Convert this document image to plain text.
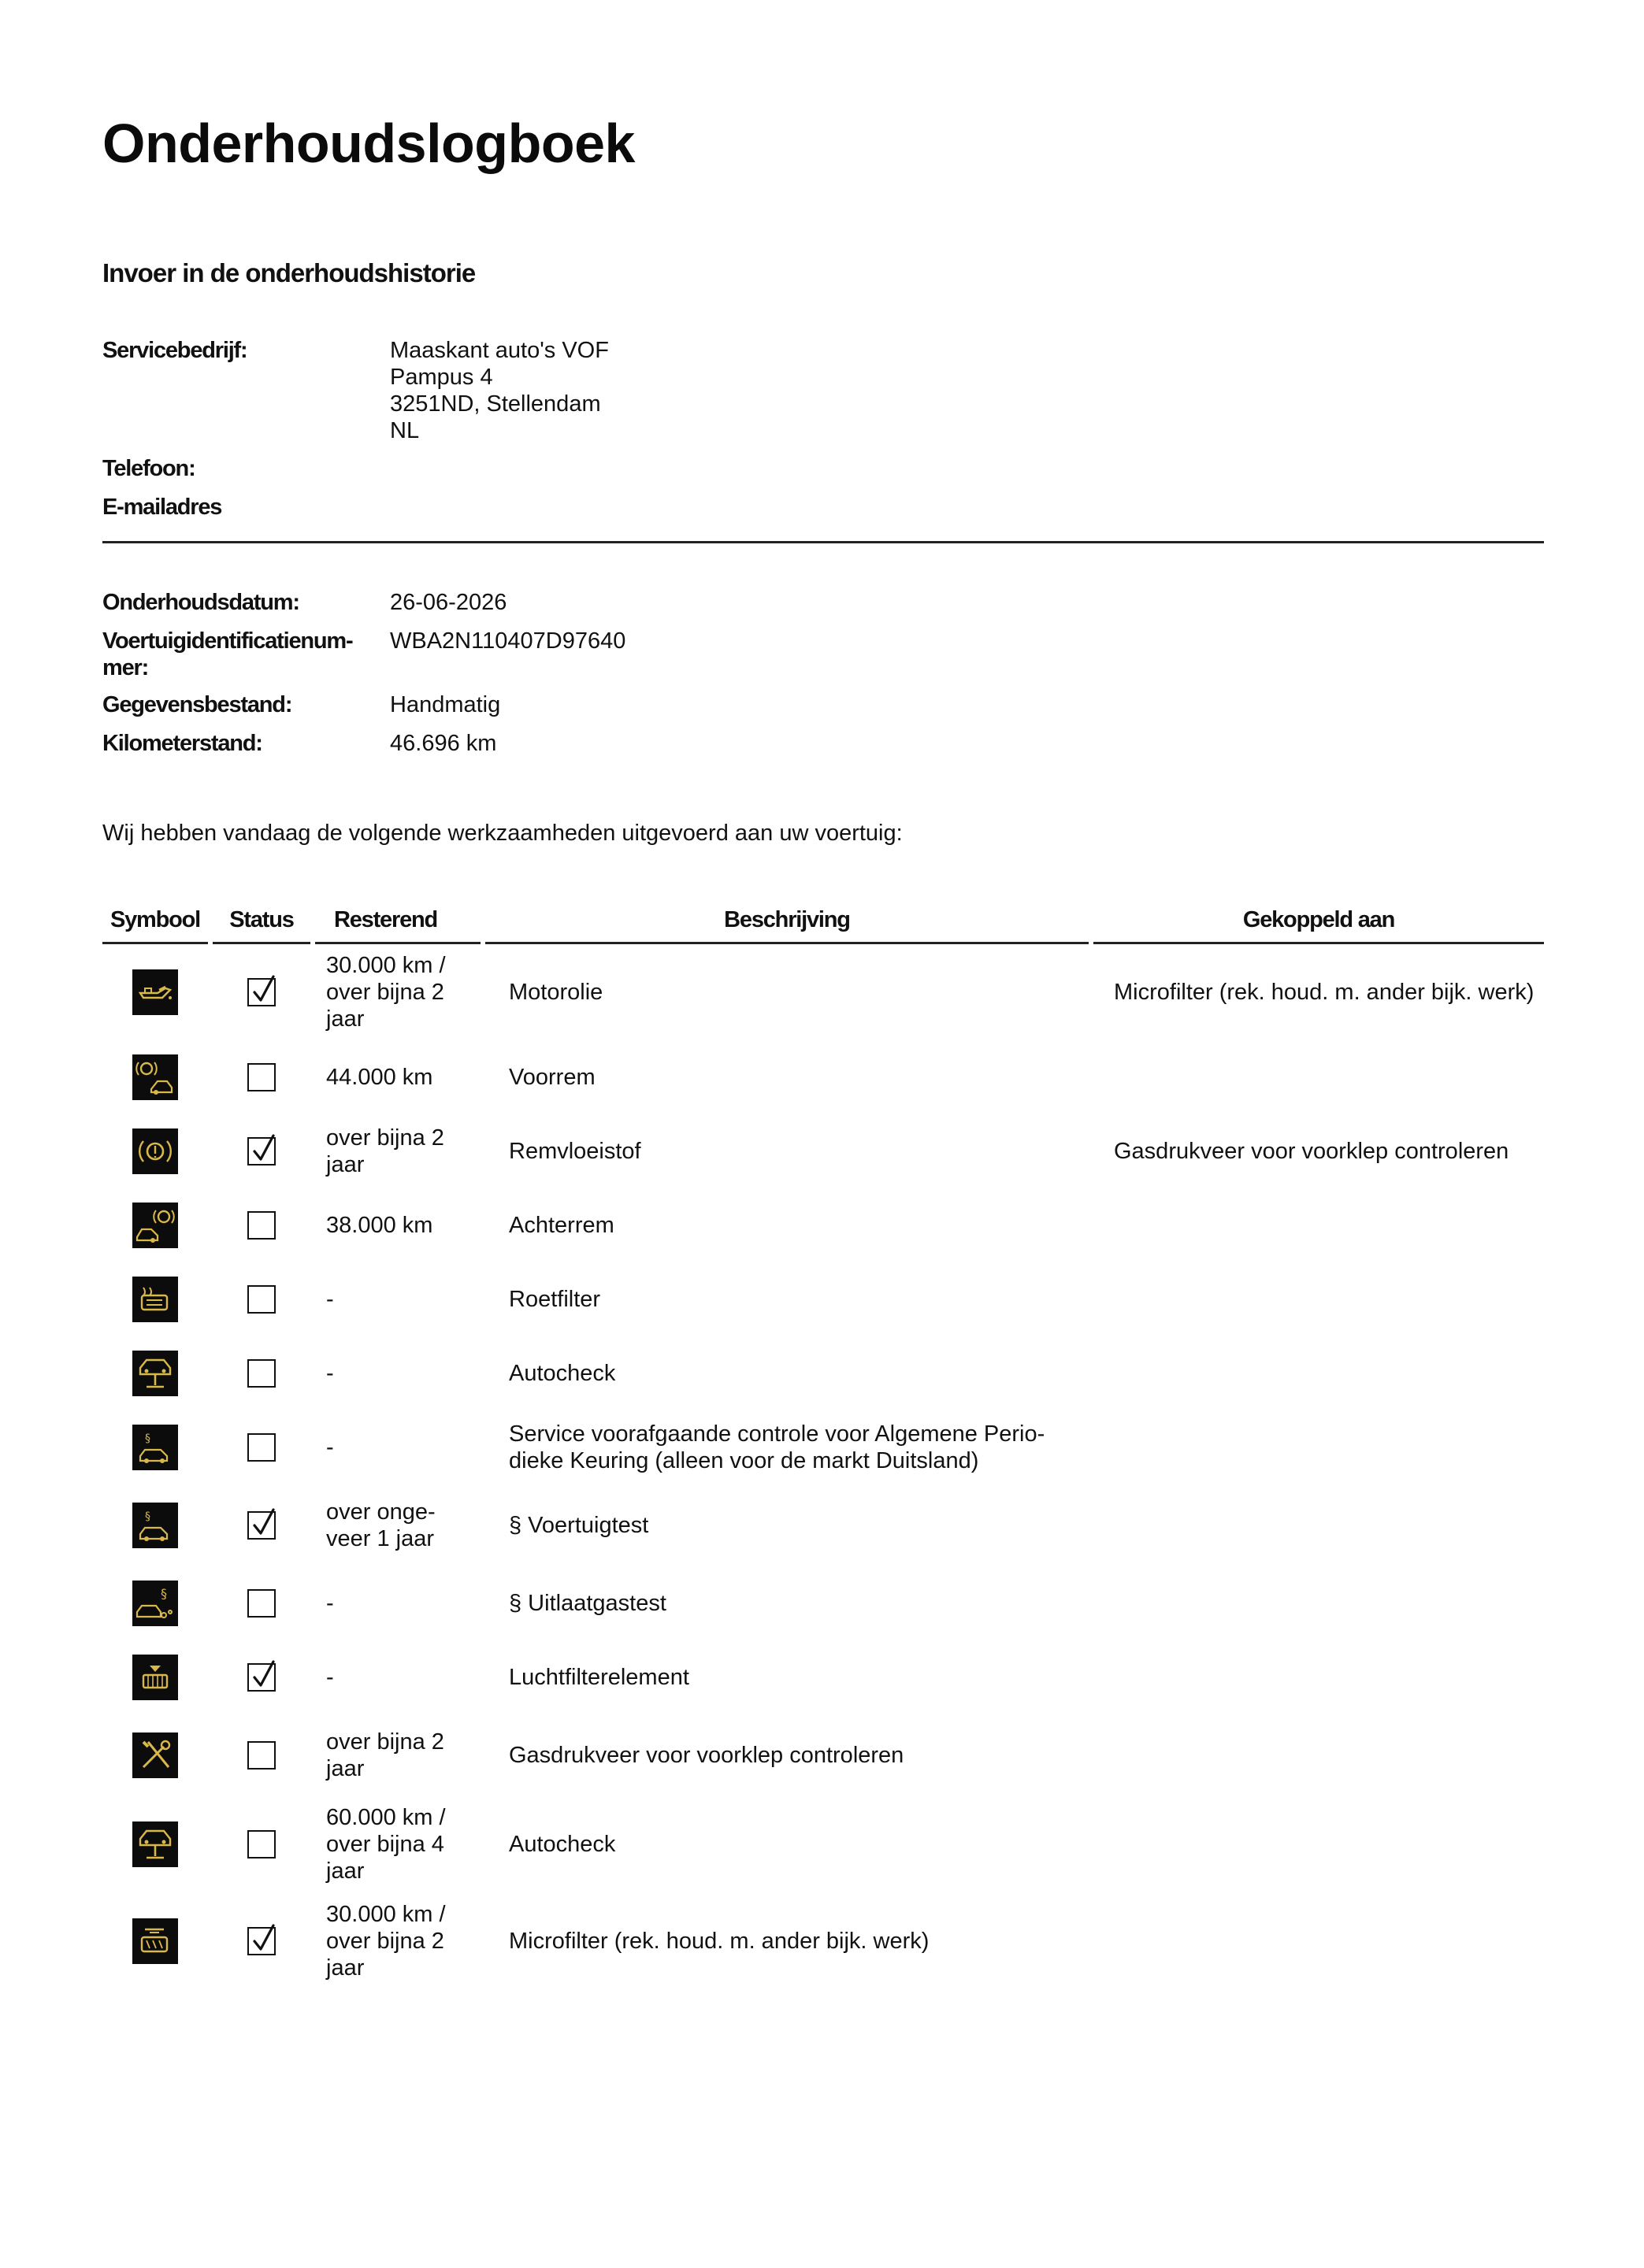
Onderhoudslogboek
Invoer in de onderhoudshistorie
Servicebedrijf:	Maaskant auto's VOF
Pampus 4
3251ND, Stellendam
NL
Telefoon:
E-mailadres
Onderhoudsdatum:	26-06-2026
Voertuigidentificatienum-
mer:
WBA2N110407D97640
Gegevensbestand:	Handmatig
Kilometerstand:	46.696 km
Wij hebben vandaag de volgende werkzaamheden uitgevoerd aan uw voertuig:
Symbool	Status	Resterend	Beschrijving	Gekoppeld aan

30.000 km /
over bijna 2
jaar	Motorolie	Microfilter (rek. houd. m. ander bijk. werk)

44.000 km	Voorrem	

over bijna 2
jaar	Remvloeistof	Gasdrukveer voor voorklep controleren

38.000 km	Achterrem	

-	Roetfilter	

-	Autocheck	

§		-	Service voorafgaande controle voor Algemene Perio-
dieke Keuring (alleen voor de markt Duitsland)	

§		over onge-
veer 1 jaar	§ Voertuigtest	

§		-	§ Uitlaatgastest	

-	Luchtfilterelement	

over bijna 2
jaar	Gasdrukveer voor voorklep controleren	

60.000 km /
over bijna 4
jaar	Autocheck	

30.000 km /
over bijna 2
jaar	Microfilter (rek. houd. m. ander bijk. werk)	
